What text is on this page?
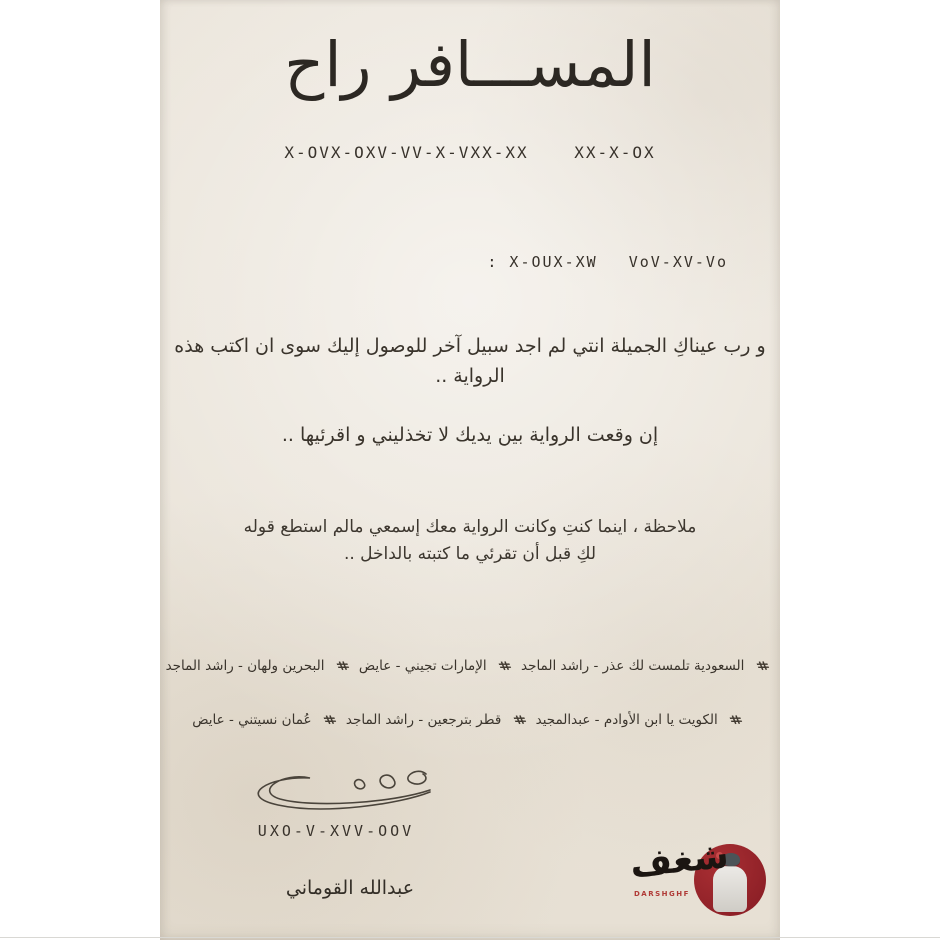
المســـافر راح
X-OVX-OXV-VV-X-VXX-XX	XX-X-OX
: X-OUX-XW VoV-XV-Vo
و رب عيناكِ الجميلة انتي لم اجد سبيل آخر للوصول إليك سوى ان اكتب هذه
الرواية ..
إن وقعت الرواية بين يديك لا تخذليني و اقرئيها ..
ملاحظة ، اينما كنتِ وكانت الرواية معك إسمعي مالم استطع قوله
لكِ قبل أن تقرئي ما كتبته بالداخل ..
# السعودية تلمست لك عذر - راشد الماجد # الإمارات تجيني - عايض # البحرين ولهان - راشد الماجد
# الكويت يا ابن الأوادم - عبدالمجيد # قطر بترجعين - راشد الماجد # عُمان نسيتني - عايض
UXO-V-XVV-OOV
عبدالله القوماني
شغف
DARSHGHF
